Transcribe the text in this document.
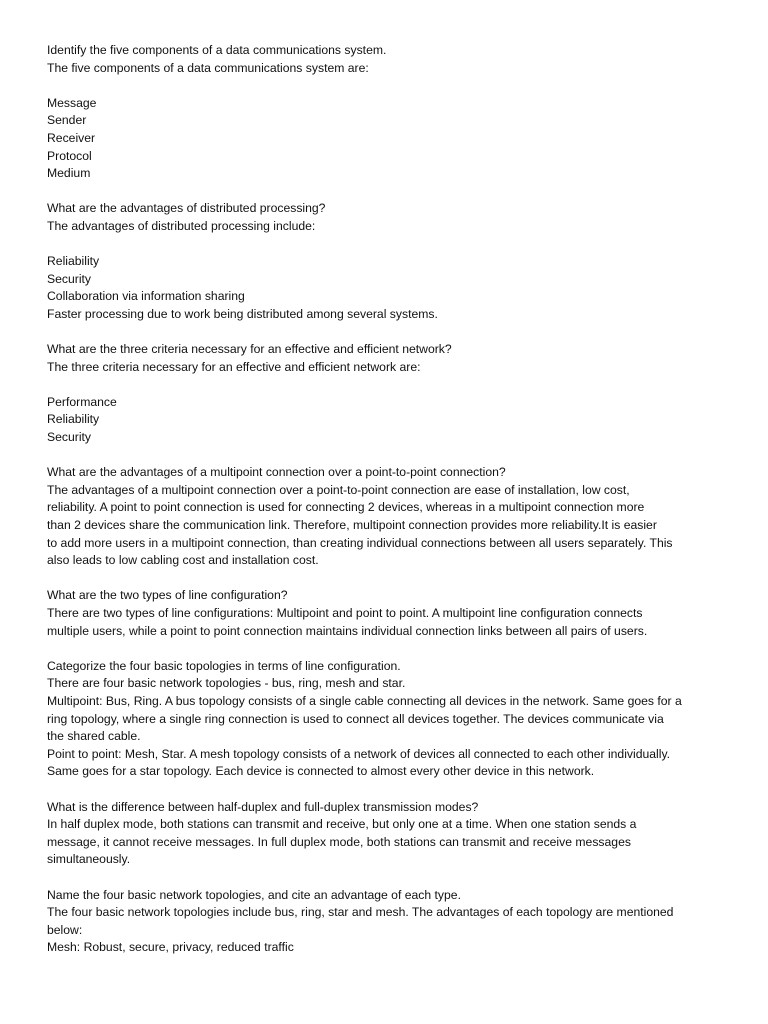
Identify the five components of a data communications system.
The five components of a data communications system are:
Message
Sender
Receiver
Protocol
Medium
What are the advantages of distributed processing?
The advantages of distributed processing include:
Reliability
Security
Collaboration via information sharing
Faster processing due to work being distributed among several systems.
What are the three criteria necessary for an effective and efficient network?
The three criteria necessary for an effective and efficient network are:
Performance
Reliability
Security
What are the advantages of a multipoint connection over a point-to-point connection?
The advantages of a multipoint connection over a point-to-point connection are ease of installation, low cost,
reliability. A point to point connection is used for connecting 2 devices, whereas in a multipoint connection more
than 2 devices share the communication link. Therefore, multipoint connection provides more reliability.It is easier
to add more users in a multipoint connection, than creating individual connections between all users separately. This
also leads to low cabling cost and installation cost.
What are the two types of line configuration?
There are two types of line configurations: Multipoint and point to point. A multipoint line configuration connects
multiple users, while a point to point connection maintains individual connection links between all pairs of users.
Categorize the four basic topologies in terms of line configuration.
There are four basic network topologies - bus, ring, mesh and star.
Multipoint: Bus, Ring. A bus topology consists of a single cable connecting all devices in the network. Same goes for a
ring topology, where a single ring connection is used to connect all devices together. The devices communicate via
the shared cable.
Point to point: Mesh, Star. A mesh topology consists of a network of devices all connected to each other individually.
Same goes for a star topology. Each device is connected to almost every other device in this network.
What is the difference between half-duplex and full-duplex transmission modes?
In half duplex mode, both stations can transmit and receive, but only one at a time. When one station sends a
message, it cannot receive messages. In full duplex mode, both stations can transmit and receive messages
simultaneously.
Name the four basic network topologies, and cite an advantage of each type.
The four basic network topologies include bus, ring, star and mesh. The advantages of each topology are mentioned
below:
Mesh: Robust, secure, privacy, reduced traffic
